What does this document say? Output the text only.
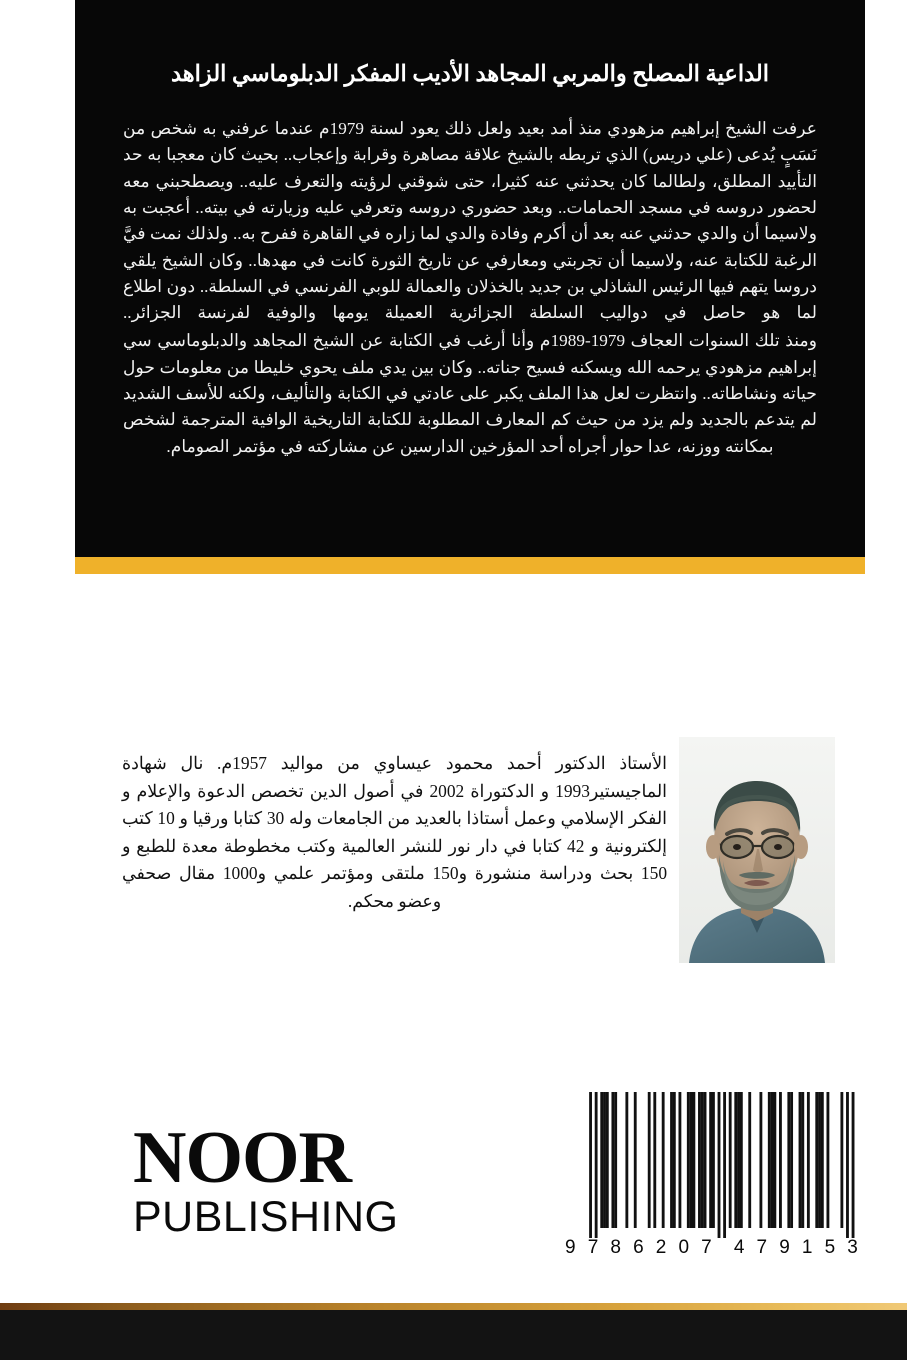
الداعية المصلح والمربي المجاهد الأديب المفكر الدبلوماسي الزاهد

عرفت الشيخ إبراهيم مزهودي منذ أمد بعيد ولعل ذلك يعود لسنة 1979م عندما عرفني به شخص من نَسَبٍ يُدعى (علي دريس) الذي تربطه بالشيخ علاقة مصاهرة وقرابة وإعجاب.. بحيث كان معجبا به حد التأييد المطلق، ولطالما كان يحدثني عنه كثيرا، حتى شوقني لرؤيته والتعرف عليه.. ويصطحبني معه لحضور دروسه في مسجد الحمامات.. وبعد حضوري دروسه وتعرفي عليه وزيارته في بيته.. أعجبت به ولاسيما أن والدي حدثني عنه بعد أن أكرم وفادة والدي لما زاره في القاهرة ففرح به.. ولذلك نمت فيَّ الرغبة للكتابة عنه، ولاسيما أن تجربتي ومعارفي عن تاريخ الثورة كانت في مهدها.. وكان الشيخ يلقي دروسا يتهم فيها الرئيس الشاذلي بن جديد بالخذلان والعمالة للوبي الفرنسي في السلطة.. دون اطلاع لما هو حاصل في دواليب السلطة الجزائرية العميلة يومها والوفية لفرنسة الجزائر..

ومنذ تلك السنوات العجاف 1979-1989م وأنا أرغب في الكتابة عن الشيخ المجاهد والدبلوماسي سي إبراهيم مزهودي يرحمه الله ويسكنه فسيح جناته.. وكان بين يدي ملف يحوي خليطا من معلومات حول حياته ونشاطاته.. وانتظرت لعل هذا الملف يكبر على عادتي في الكتابة والتأليف، ولكنه للأسف الشديد لم يتدعم بالجديد ولم يزد من حيث كم المعارف المطلوبة للكتابة التاريخية الوافية المترجمة لشخص بمكانته ووزنه، عدا حوار أجراه أحد المؤرخين الدارسين عن مشاركته في مؤتمر الصومام.

الأستاذ الدكتور أحمد محمود عيساوي من مواليد 1957م. نال شهادة الماجيستير1993 و الدكتوراة 2002 في أصول الدين تخصص الدعوة والإعلام و الفكر الإسلامي وعمل أستاذا بالعديد من الجامعات وله 30 كتابا ورقيا و 10 كتب إلكترونية و 42 كتابا في دار نور للنشر العالمية وكتب مخطوطة معدة للطبع و 150 بحث ودراسة منشورة و150 ملتقى ومؤتمر علمي و1000 مقال صحفي وعضو محكم.

NOOR
PUBLISHING
9 7 8 6 2 0 7 4 7 9 1 5 3
